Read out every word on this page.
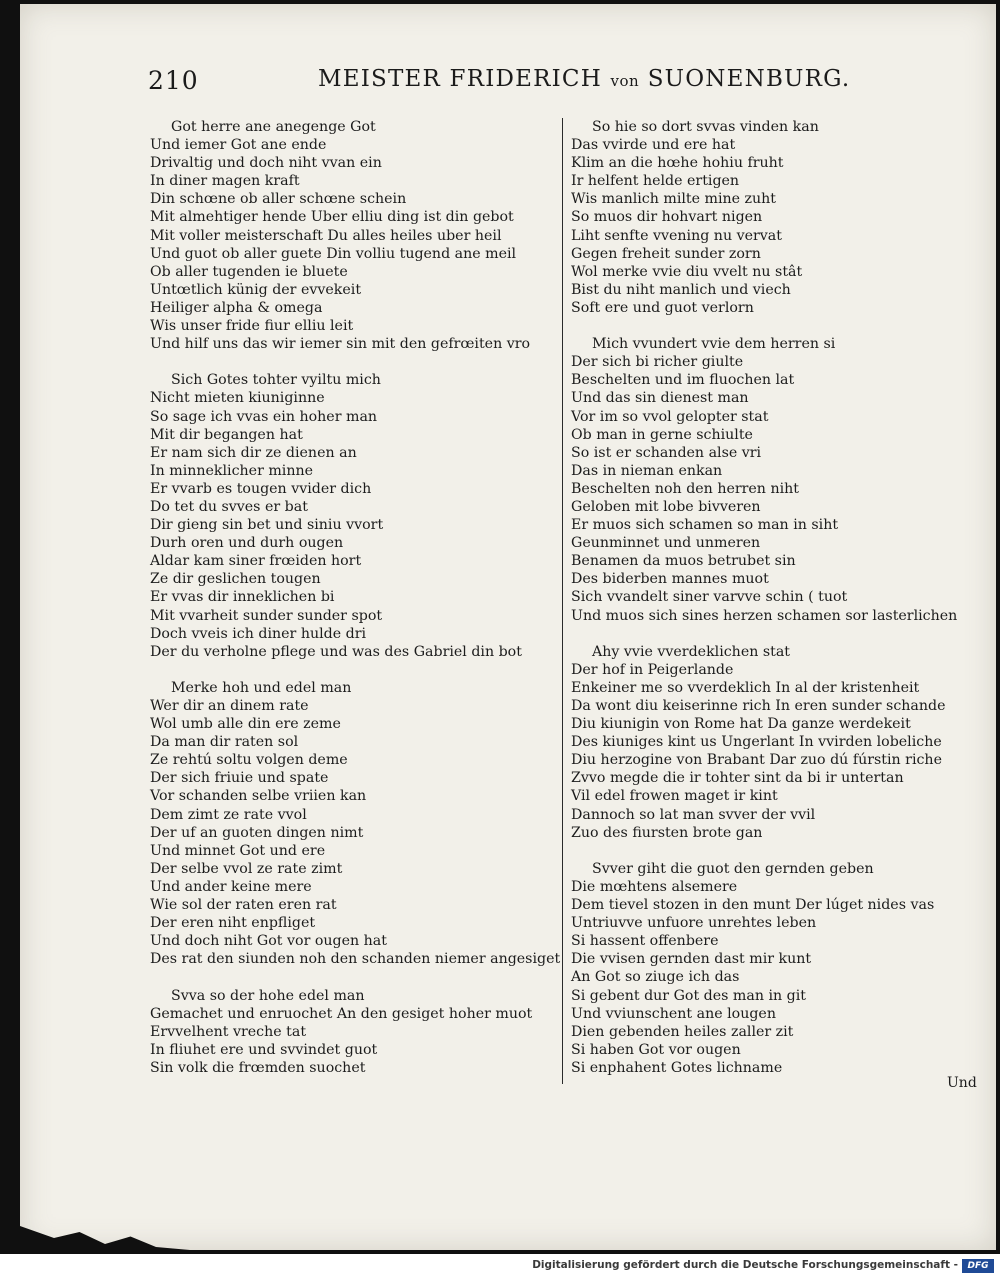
210	MEISTER FRIDERICH von SUONENBURG.
Got herre ane anegenge Got
Und iemer Got ane ende
Drivaltig und doch niht vvan ein
In diner magen kraft
Din schœne ob aller schœne schein
Mit almehtiger hende Uber elliu ding ist din gebot
Mit voller meisterschaft Du alles heiles uber heil
Und guot ob aller guete Din volliu tugend ane meil
Ob aller tugenden ie bluete
Untœtlich künig der evvekeit
Heiliger alpha & omega
Wis unser fride fiur elliu leit
Und hilf uns das wir iemer sin mit den gefrœiten vro
Sich Gotes tohter vyiltu mich
Nicht mieten kiuniginne
So sage ich vvas ein hoher man
Mit dir begangen hat
Er nam sich dir ze dienen an
In minneklicher minne
Er vvarb es tougen vvider dich
Do tet du svves er bat
Dir gieng sin bet und siniu vvort
Durh oren und durh ougen
Aldar kam siner frœiden hort
Ze dir geslichen tougen
Er vvas dir inneklichen bi
Mit vvarheit sunder sunder spot
Doch vveis ich diner hulde dri
Der du verholne pflege und was des Gabriel din bot
Merke hoh und edel man
Wer dir an dinem rate
Wol umb alle din ere zeme
Da man dir raten sol
Ze rehtú soltu volgen deme
Der sich friuie und spate
Vor schanden selbe vriien kan
Dem zimt ze rate vvol
Der uf an guoten dingen nimt
Und minnet Got und ere
Der selbe vvol ze rate zimt
Und ander keine mere
Wie sol der raten eren rat
Der eren niht enpfliget
Und doch niht Got vor ougen hat
Des rat den siunden noh den schanden niemer angesiget
Svva so der hohe edel man
Gemachet und enruochet An den gesiget hoher muot
Ervvelhent vreche tat
In fliuhet ere und svvindet guot
Sin volk die frœmden suochet
So hie so dort svvas vinden kan
Das vvirde und ere hat
Klim an die hœhe hohiu fruht
Ir helfent helde ertigen
Wis manlich milte mine zuht
So muos dir hohvart nigen
Liht senfte vvening nu vervat
Gegen freheit sunder zorn
Wol merke vvie diu vvelt nu stât
Bist du niht manlich und viech
Soft ere und guot verlorn
Mich vvundert vvie dem herren si
Der sich bi richer giulte
Beschelten und im fluochen lat
Und das sin dienest man
Vor im so vvol gelopter stat
Ob man in gerne schiulte
So ist er schanden alse vri
Das in nieman enkan
Beschelten noh den herren niht
Geloben mit lobe bivveren
Er muos sich schamen so man in siht
Geunminnet und unmeren
Benamen da muos betrubet sin
Des biderben mannes muot
Sich vvandelt siner varvve schin ( tuot
Und muos sich sines herzen schamen sor lasterlichen
Ahy vvie vverdeklichen stat
Der hof in Peigerlande
Enkeiner me so vverdeklich In al der kristenheit
Da wont diu keiserinne rich In eren sunder schande
Diu kiunigin von Rome hat Da ganze werdekeit
Des kiuniges kint us Ungerlant In vvirden lobeliche
Diu herzogine von Brabant Dar zuo dú fúrstin riche
Zvvo megde die ir tohter sint da bi ir untertan
Vil edel frowen maget ir kint
Dannoch so lat man svver der vvil
Zuo des fiursten brote gan
Svver giht die guot den gernden geben
Die mœhtens alsemere
Dem tievel stozen in den munt Der lúget nides vas
Untriuvve unfuore unrehtes leben
Si hassent offenbere
Die vvisen gernden dast mir kunt
An Got so ziuge ich das
Si gebent dur Got des man in git
Und vviunschent ane lougen
Dien gebenden heiles zaller zit
Si haben Got vor ougen
Si enphahent Gotes lichname
Und
Digitalisierung gefördert durch die Deutsche Forschungsgemeinschaft -	DFG
